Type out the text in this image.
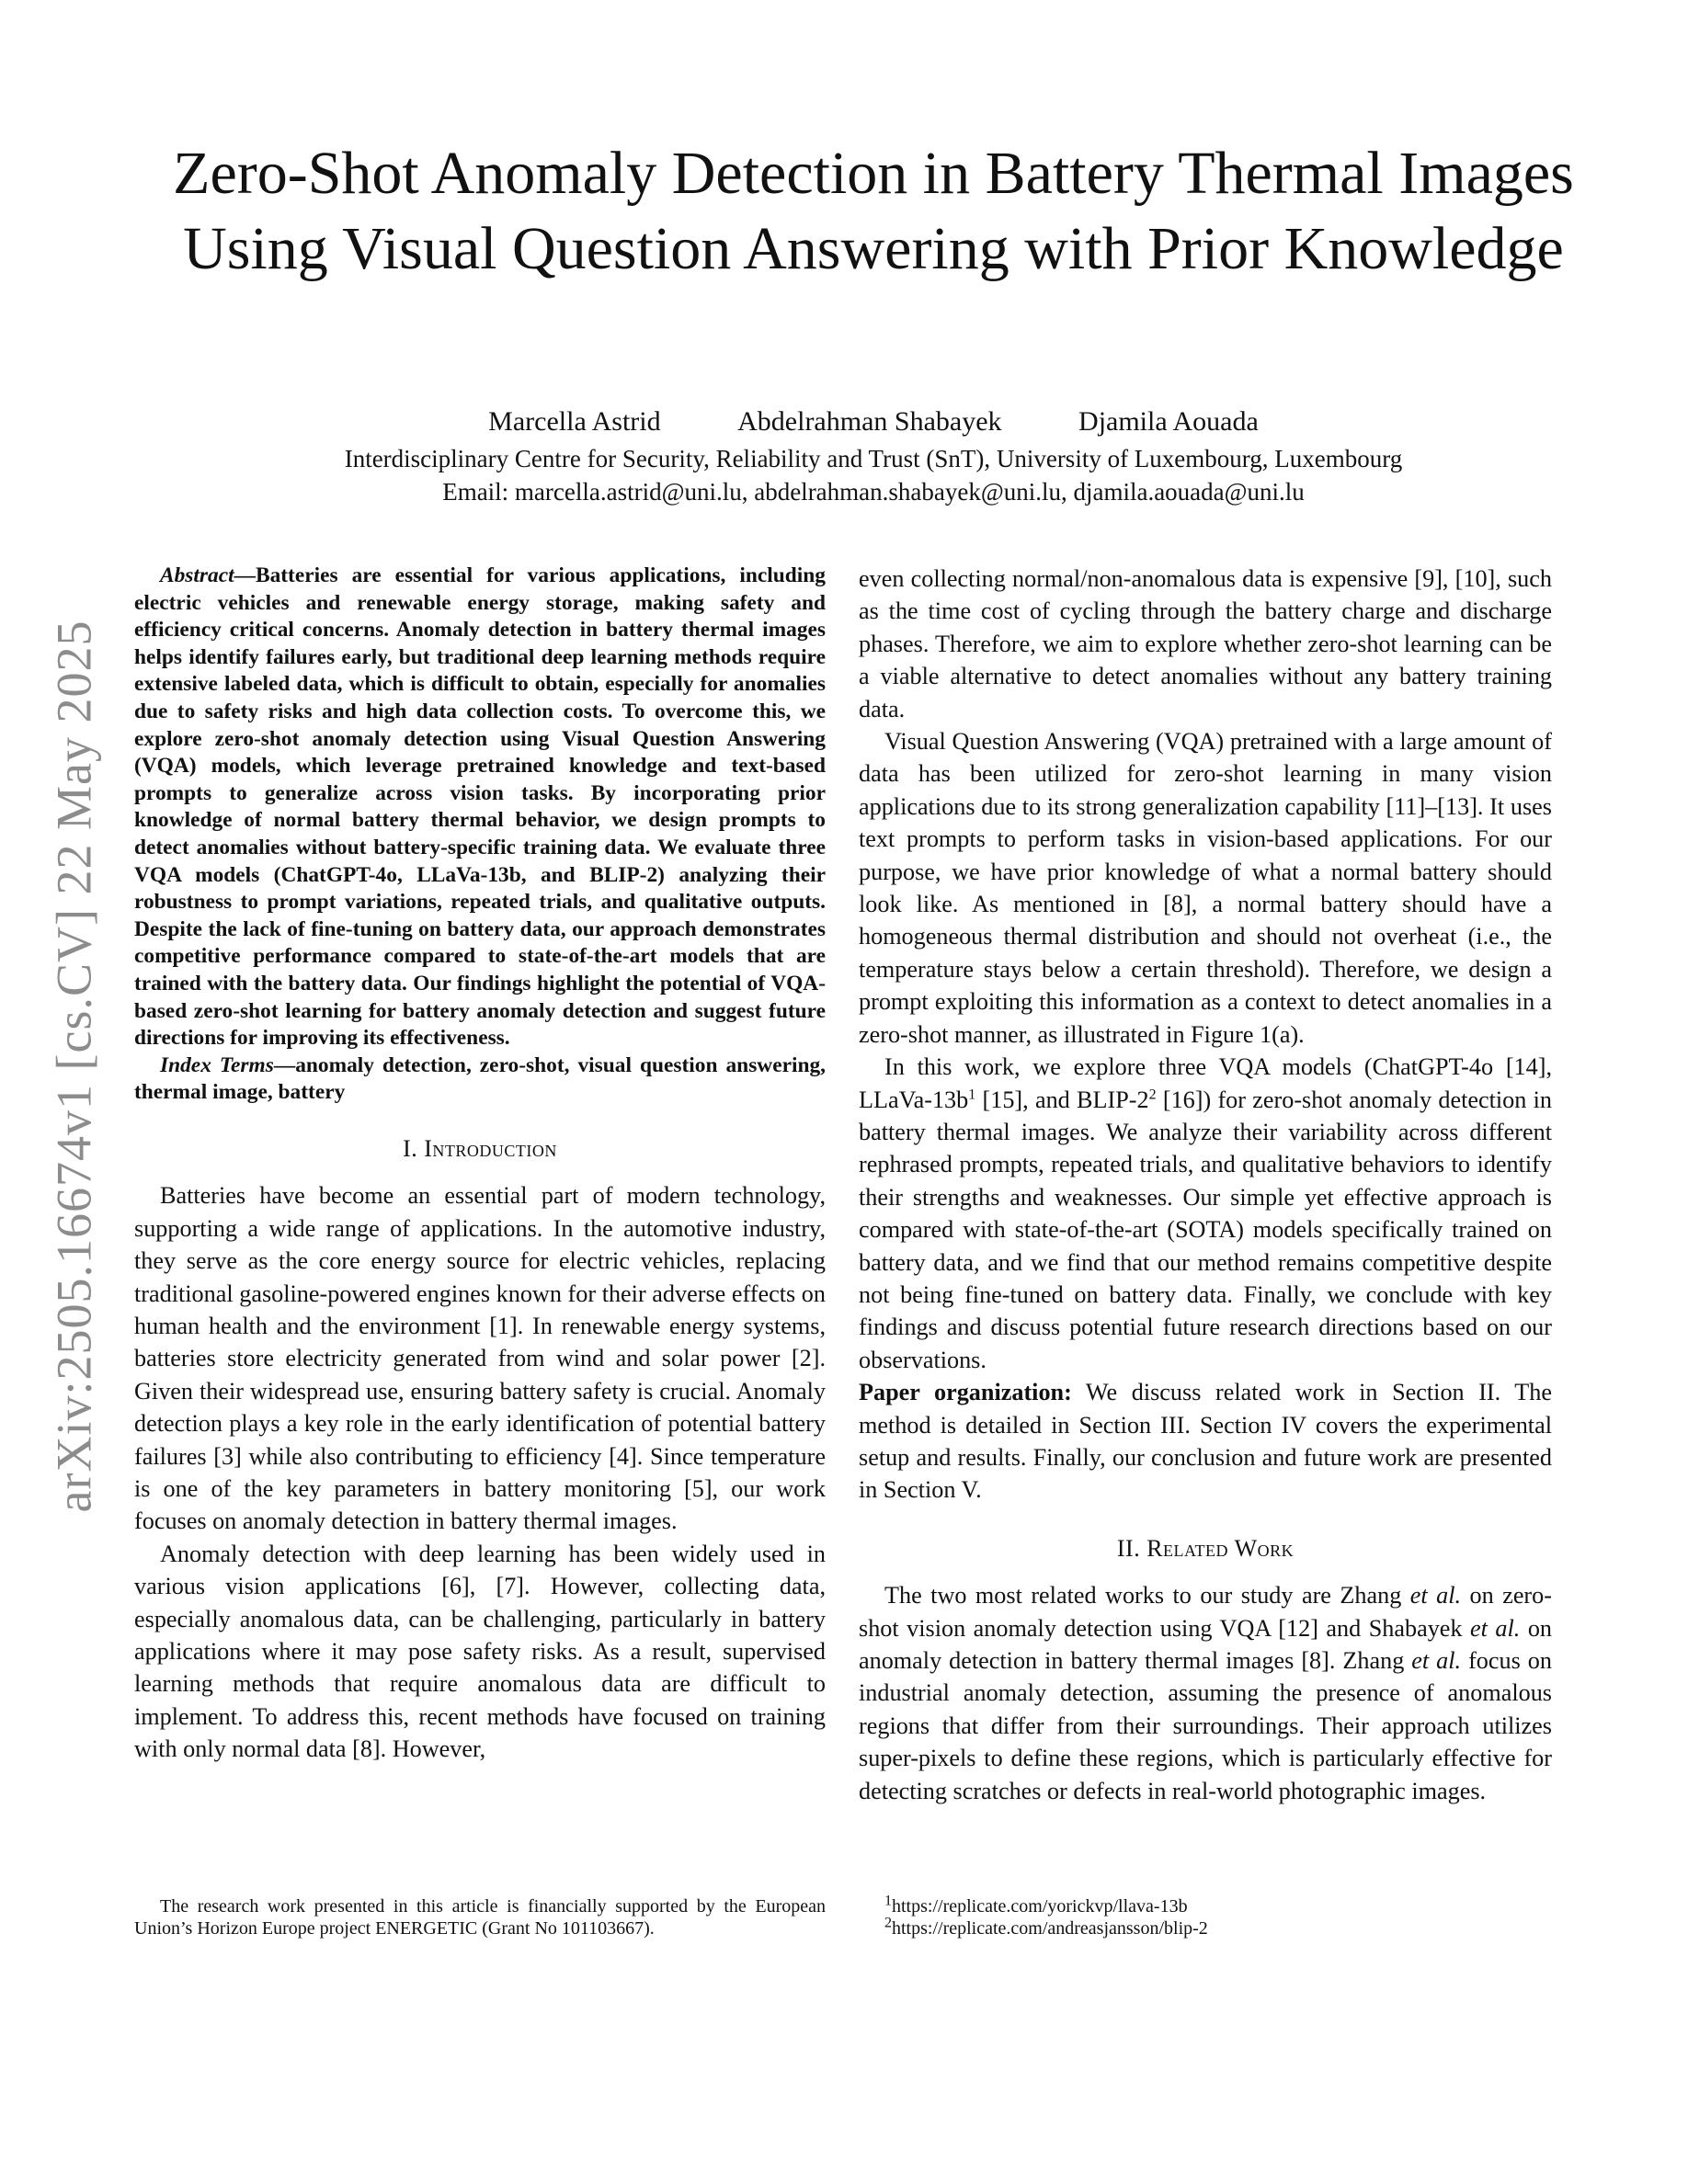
arXiv:2505.16674v1 [cs.CV] 22 May 2025
Zero-Shot Anomaly Detection in Battery Thermal Images Using Visual Question Answering with Prior Knowledge
Marcella Astrid	Abdelrahman Shabayek	Djamila Aouada
Interdisciplinary Centre for Security, Reliability and Trust (SnT), University of Luxembourg, Luxembourg
Email: marcella.astrid@uni.lu, abdelrahman.shabayek@uni.lu, djamila.aouada@uni.lu

Abstract—Batteries are essential for various applications, including electric vehicles and renewable energy storage, making safety and efficiency critical concerns. Anomaly detection in battery thermal images helps identify failures early, but traditional deep learning methods require extensive labeled data, which is difficult to obtain, especially for anomalies due to safety risks and high data collection costs. To overcome this, we explore zero-shot anomaly detection using Visual Question Answering (VQA) models, which leverage pretrained knowledge and text-based prompts to generalize across vision tasks. By incorporating prior knowledge of normal battery thermal behavior, we design prompts to detect anomalies without battery-specific training data. We evaluate three VQA models (ChatGPT-4o, LLaVa-13b, and BLIP-2) analyzing their robustness to prompt variations, repeated trials, and qualitative outputs. Despite the lack of fine-tuning on battery data, our approach demonstrates competitive performance compared to state-of-the-art models that are trained with the battery data. Our findings highlight the potential of VQA-based zero-shot learning for battery anomaly detection and suggest future directions for improving its effectiveness.

Index Terms—anomaly detection, zero-shot, visual question answering, thermal image, battery

I. Introduction

Batteries have become an essential part of modern technology, supporting a wide range of applications. In the automotive industry, they serve as the core energy source for electric vehicles, replacing traditional gasoline-powered engines known for their adverse effects on human health and the environment [1]. In renewable energy systems, batteries store electricity generated from wind and solar power [2]. Given their widespread use, ensuring battery safety is crucial. Anomaly detection plays a key role in the early identification of potential battery failures [3] while also contributing to efficiency [4]. Since temperature is one of the key parameters in battery monitoring [5], our work focuses on anomaly detection in battery thermal images.

Anomaly detection with deep learning has been widely used in various vision applications [6], [7]. However, collecting data, especially anomalous data, can be challenging, particularly in battery applications where it may pose safety risks. As a result, supervised learning methods that require anomalous data are difficult to implement. To address this, recent methods have focused on training with only normal data [8]. However,

even collecting normal/non-anomalous data is expensive [9], [10], such as the time cost of cycling through the battery charge and discharge phases. Therefore, we aim to explore whether zero-shot learning can be a viable alternative to detect anomalies without any battery training data.

Visual Question Answering (VQA) pretrained with a large amount of data has been utilized for zero-shot learning in many vision applications due to its strong generalization capability [11]–[13]. It uses text prompts to perform tasks in vision-based applications. For our purpose, we have prior knowledge of what a normal battery should look like. As mentioned in [8], a normal battery should have a homogeneous thermal distribution and should not overheat (i.e., the temperature stays below a certain threshold). Therefore, we design a prompt exploiting this information as a context to detect anomalies in a zero-shot manner, as illustrated in Figure 1(a).

In this work, we explore three VQA models (ChatGPT-4o [14], LLaVa-$13b^1$ [15], and BLIP-$2^2$ [16]) for zero-shot anomaly detection in battery thermal images. We analyze their variability across different rephrased prompts, repeated trials, and qualitative behaviors to identify their strengths and weaknesses. Our simple yet effective approach is compared with state-of-the-art (SOTA) models specifically trained on battery data, and we find that our method remains competitive despite not being fine-tuned on battery data. Finally, we conclude with key findings and discuss potential future research directions based on our observations.

Paper organization: We discuss related work in Section II. The method is detailed in Section III. Section IV covers the experimental setup and results. Finally, our conclusion and future work are presented in Section V.

II. Related Work

The two most related works to our study are Zhang et al. on zero-shot vision anomaly detection using VQA [12] and Shabayek et al. on anomaly detection in battery thermal images [8]. Zhang et al. focus on industrial anomaly detection, assuming the presence of anomalous regions that differ from their surroundings. Their approach utilizes super-pixels to define these regions, which is particularly effective for detecting scratches or defects in real-world photographic images.

The research work presented in this article is financially supported by the European Union’s Horizon Europe project ENERGETIC (Grant No 101103667).
$^1$https://replicate.com/yorickvp/llava-13b
$^2$https://replicate.com/andreasjansson/blip-2
